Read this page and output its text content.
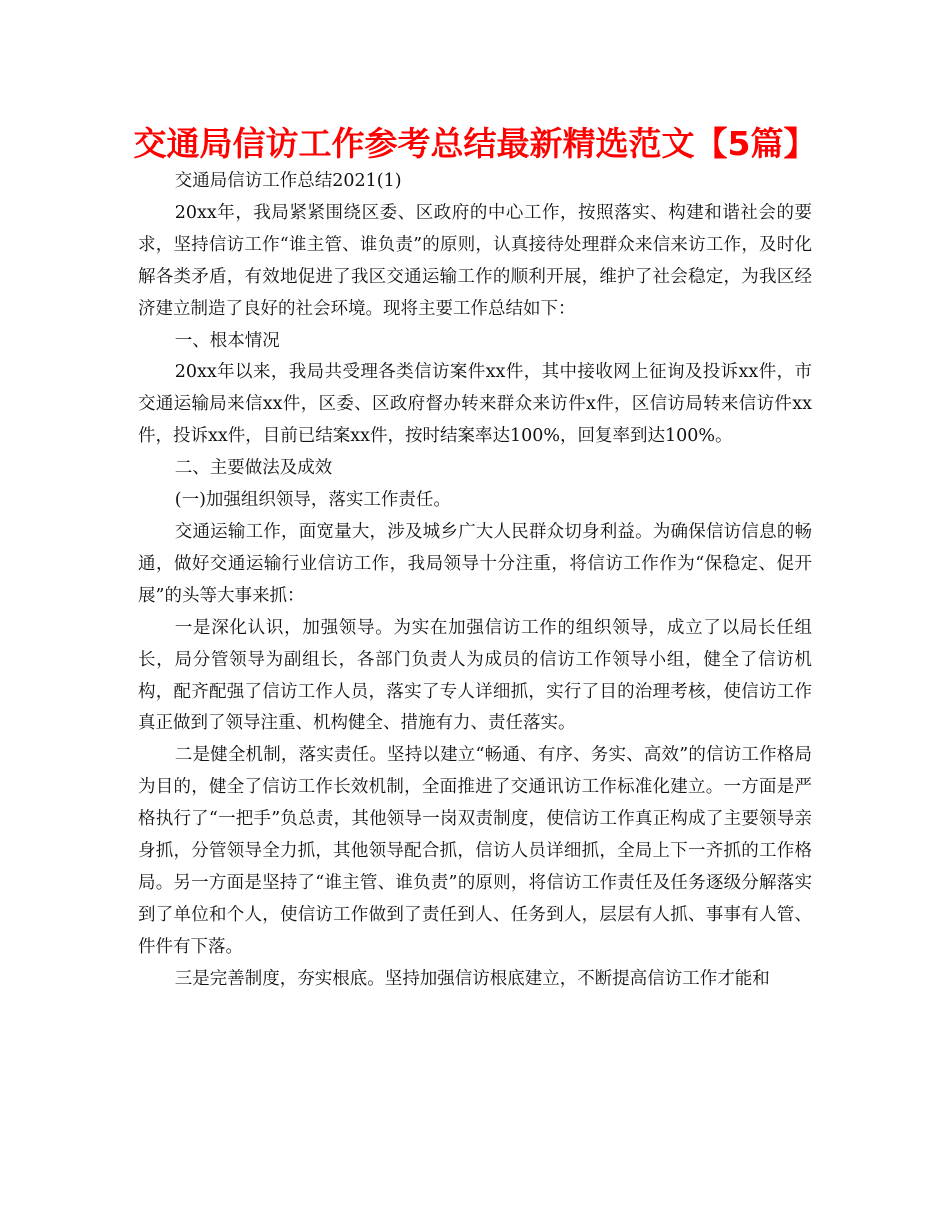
交通局信访工作参考总结最新精选范文【5篇】

交通局信访工作总结2021(1)

20xx年，我局紧紧围绕区委、区政府的中心工作，按照落实、构建和谐社会的要求，坚持信访工作“谁主管、谁负责”的原则，认真接待处理群众来信来访工作，及时化解各类矛盾，有效地促进了我区交通运输工作的顺利开展，维护了社会稳定，为我区经济建立制造了良好的社会环境。现将主要工作总结如下：

一、根本情况

20xx年以来，我局共受理各类信访案件xx件，其中接收网上征询及投诉xx件，市交通运输局来信xx件，区委、区政府督办转来群众来访件x件，区信访局转来信访件xx件，投诉xx件，目前已结案xx件，按时结案率达100%，回复率到达100%。

二、主要做法及成效

(一)加强组织领导，落实工作责任。

交通运输工作，面宽量大，涉及城乡广大人民群众切身利益。为确保信访信息的畅通，做好交通运输行业信访工作，我局领导十分注重，将信访工作作为“保稳定、促开展”的头等大事来抓：

一是深化认识，加强领导。为实在加强信访工作的组织领导，成立了以局长任组长，局分管领导为副组长，各部门负责人为成员的信访工作领导小组，健全了信访机构，配齐配强了信访工作人员，落实了专人详细抓，实行了目的治理考核，使信访工作真正做到了领导注重、机构健全、措施有力、责任落实。

二是健全机制，落实责任。坚持以建立“畅通、有序、务实、高效”的信访工作格局为目的，健全了信访工作长效机制，全面推进了交通讯访工作标准化建立。一方面是严格执行了“一把手”负总责，其他领导一岗双责制度，使信访工作真正构成了主要领导亲身抓，分管领导全力抓，其他领导配合抓，信访人员详细抓，全局上下一齐抓的工作格局。另一方面是坚持了“谁主管、谁负责”的原则，将信访工作责任及任务逐级分解落实到了单位和个人，使信访工作做到了责任到人、任务到人，层层有人抓、事事有人管、件件有下落。

三是完善制度，夯实根底。坚持加强信访根底建立，不断提高信访工作才能和
